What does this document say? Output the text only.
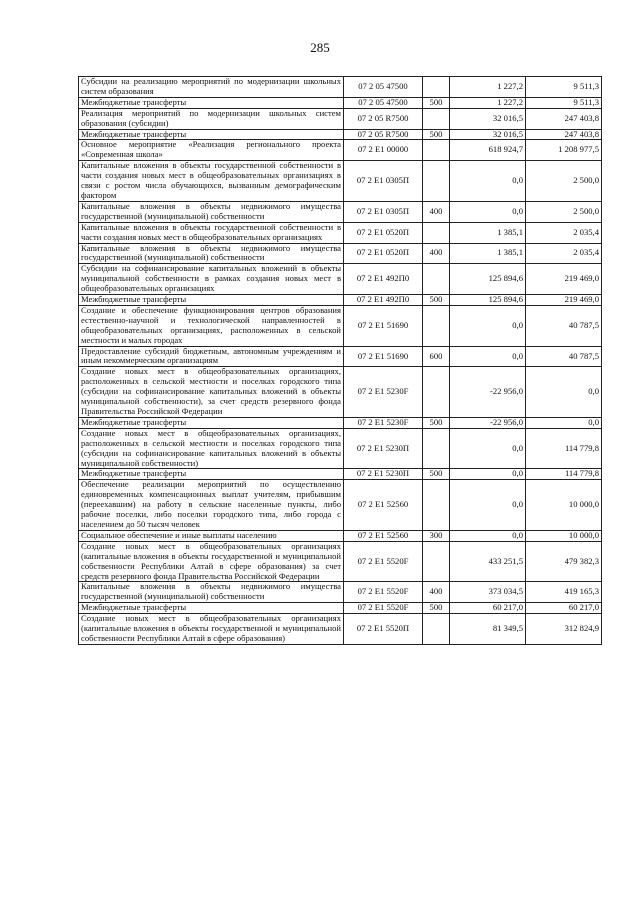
285
Субсидии на реализацию мероприятий по модернизации школьных систем образования	07 2 05 47500		1 227,2	9 511,3
Межбюджетные трансферты	07 2 05 47500	500	1 227,2	9 511,3
Реализация мероприятий по модернизации школьных систем образования (субсидии)	07 2 05 R7500		32 016,5	247 403,8
Межбюджетные трансферты	07 2 05 R7500	500	32 016,5	247 403,8
Основное мероприятие «Реализация регионального проекта «Современная школа»	07 2 E1 00000		618 924,7	1 208 977,5
Капитальные вложения в объекты государственной собственности в части создания новых мест в общеобразовательных организациях в связи с ростом числа обучающихся, вызванным демографическим фактором	07 2 E1 0305П		0,0	2 500,0
Капитальные вложения в объекты недвижимого имущества государственной (муниципальной) собственности	07 2 E1 0305П	400	0,0	2 500,0
Капитальные вложения в объекты государственной собственности в части создания новых мест в общеобразовательных организациях	07 2 E1 0520П		1 385,1	2 035,4
Капитальные вложения в объекты недвижимого имущества государственной (муниципальной) собственности	07 2 E1 0520П	400	1 385,1	2 035,4
Субсидии на софинансирование капитальных вложений в объекты муниципальной собственности в рамках создания новых мест в общеобразовательных организациях	07 2 E1 492П0		125 894,6	219 469,0
Межбюджетные трансферты	07 2 E1 492П0	500	125 894,6	219 469,0
Создание и обеспечение функционирования центров образования естественно-научной и технологической направленностей в общеобразовательных организациях, расположенных в сельской местности и малых городах	07 2 E1 51690		0,0	40 787,5
Предоставление субсидий бюджетным, автономным учреждениям и иным некоммерческим организациям	07 2 E1 51690	600	0,0	40 787,5
Создание новых мест в общеобразовательных организациях, расположенных в сельской местности и поселках городского типа (субсидии на софинансирование капитальных вложений в объекты муниципальной собственности), за счет средств резервного фонда Правительства Российской Федерации	07 2 E1 5230F		-22 956,0	0,0
Межбюджетные трансферты	07 2 E1 5230F	500	-22 956,0	0,0
Создание новых мест в общеобразовательных организациях, расположенных в сельской местности и поселках городского типа (субсидии на софинансирование капитальных вложений в объекты муниципальной собственности)	07 2 E1 5230П		0,0	114 779,8
Межбюджетные трансферты	07 2 E1 5230П	500	0,0	114 779,8
Обеспечение реализации мероприятий по осуществлению единовременных компенсационных выплат учителям, прибывшим (переехавшим) на работу в сельские населенные пункты, либо рабочие поселки, либо поселки городского типа, либо города с населением до 50 тысяч человек	07 2 E1 52560		0,0	10 000,0
Социальное обеспечение и иные выплаты населению	07 2 E1 52560	300	0,0	10 000,0
Создание новых мест в общеобразовательных организациях (капитальные вложения в объекты государственной и муниципальной собственности Республики Алтай в сфере образования) за счет средств резервного фонда Правительства Российской Федерации	07 2 E1 5520F		433 251,5	479 382,3
Капитальные вложения в объекты недвижимого имущества государственной (муниципальной) собственности	07 2 E1 5520F	400	373 034,5	419 165,3
Межбюджетные трансферты	07 2 E1 5520F	500	60 217,0	60 217,0
Создание новых мест в общеобразовательных организациях (капитальные вложения в объекты государственной и муниципальной собственности Республики Алтай в сфере образования)	07 2 E1 5520П		81 349,5	312 824,9
